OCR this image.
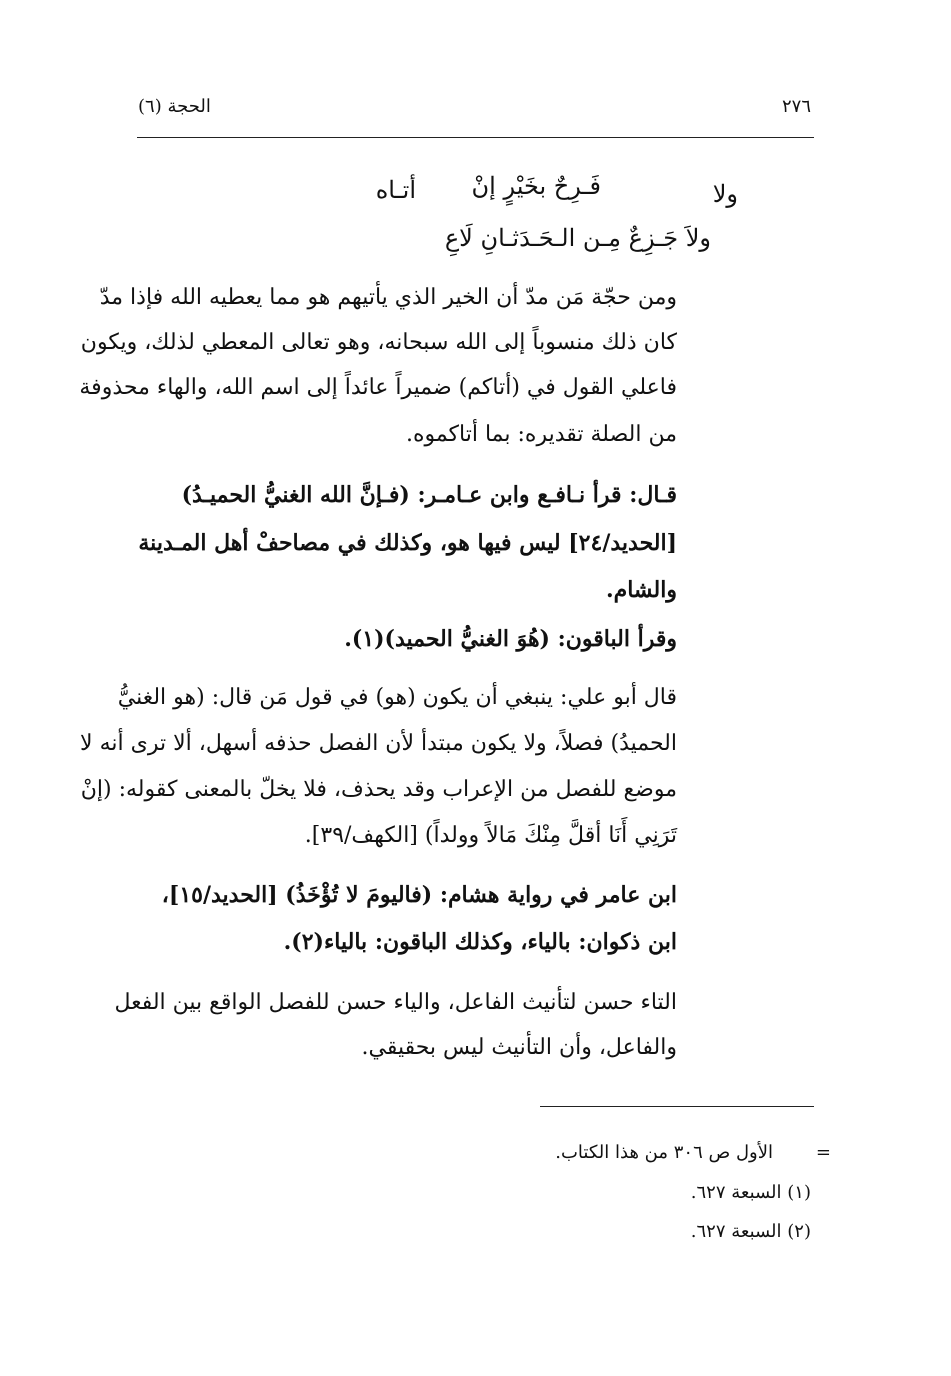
٢٧٦
الحجة (٦)
ولا
فَـرِحٌ بخَيْرٍ إنْ
أتـاه
ولاَ جَـزِعٌ مِـن الـحَـدَثـانِ لَاعِ
ومن حجّة مَن مدّ أن الخير الذي يأتيهم هو مما يعطيه الله فإذا مدّ
كان ذلك منسوباً إلى الله سبحانه، وهو تعالى المعطي لذلك، ويكون
فاعلي القول في (أتاكم) ضميراً عائداً إلى اسم الله، والهاء محذوفة
من الصلة تقديره: بما أتاكموه.
قـال: قرأ نـافـع وابن عـامـر: (فـإنَّ الله الغنيُّ الحميـدُ)
[الحديد/٢٤] ليس فيها هو، وكذلك في مصاحفْ أهل المـدينة
والشام.
وقرأ الباقون: (هُوَ الغنيُّ الحميد)(١).
قال أبو علي: ينبغي أن يكون (هو) في قول مَن قال: (هو الغنيُّ
الحميدُ) فصلاً، ولا يكون مبتدأ لأن الفصل حذفه أسهل، ألا ترى أنه لا
موضع للفصل من الإعراب وقد يحذف، فلا يخلّ بالمعنى كقوله: (إنْ
تَرَنِي أَنَا أقلَّ مِنْكَ مَالاً وولداً) [الكهف/٣٩].
ابن عامر في رواية هشام: (فاليومَ لا تُؤْخَذُ) [الحديد/١٥]،
ابن ذكوان: بالياء، وكذلك الباقون: بالياء(٢).
التاء حسن لتأنيث الفاعل، والياء حسن للفصل الواقع بين الفعل
والفاعل، وأن التأنيث ليس بحقيقي.
=
الأول ص ٣٠٦ من هذا الكتاب.
(١) السبعة ٦٢٧.
(٢) السبعة ٦٢٧.
